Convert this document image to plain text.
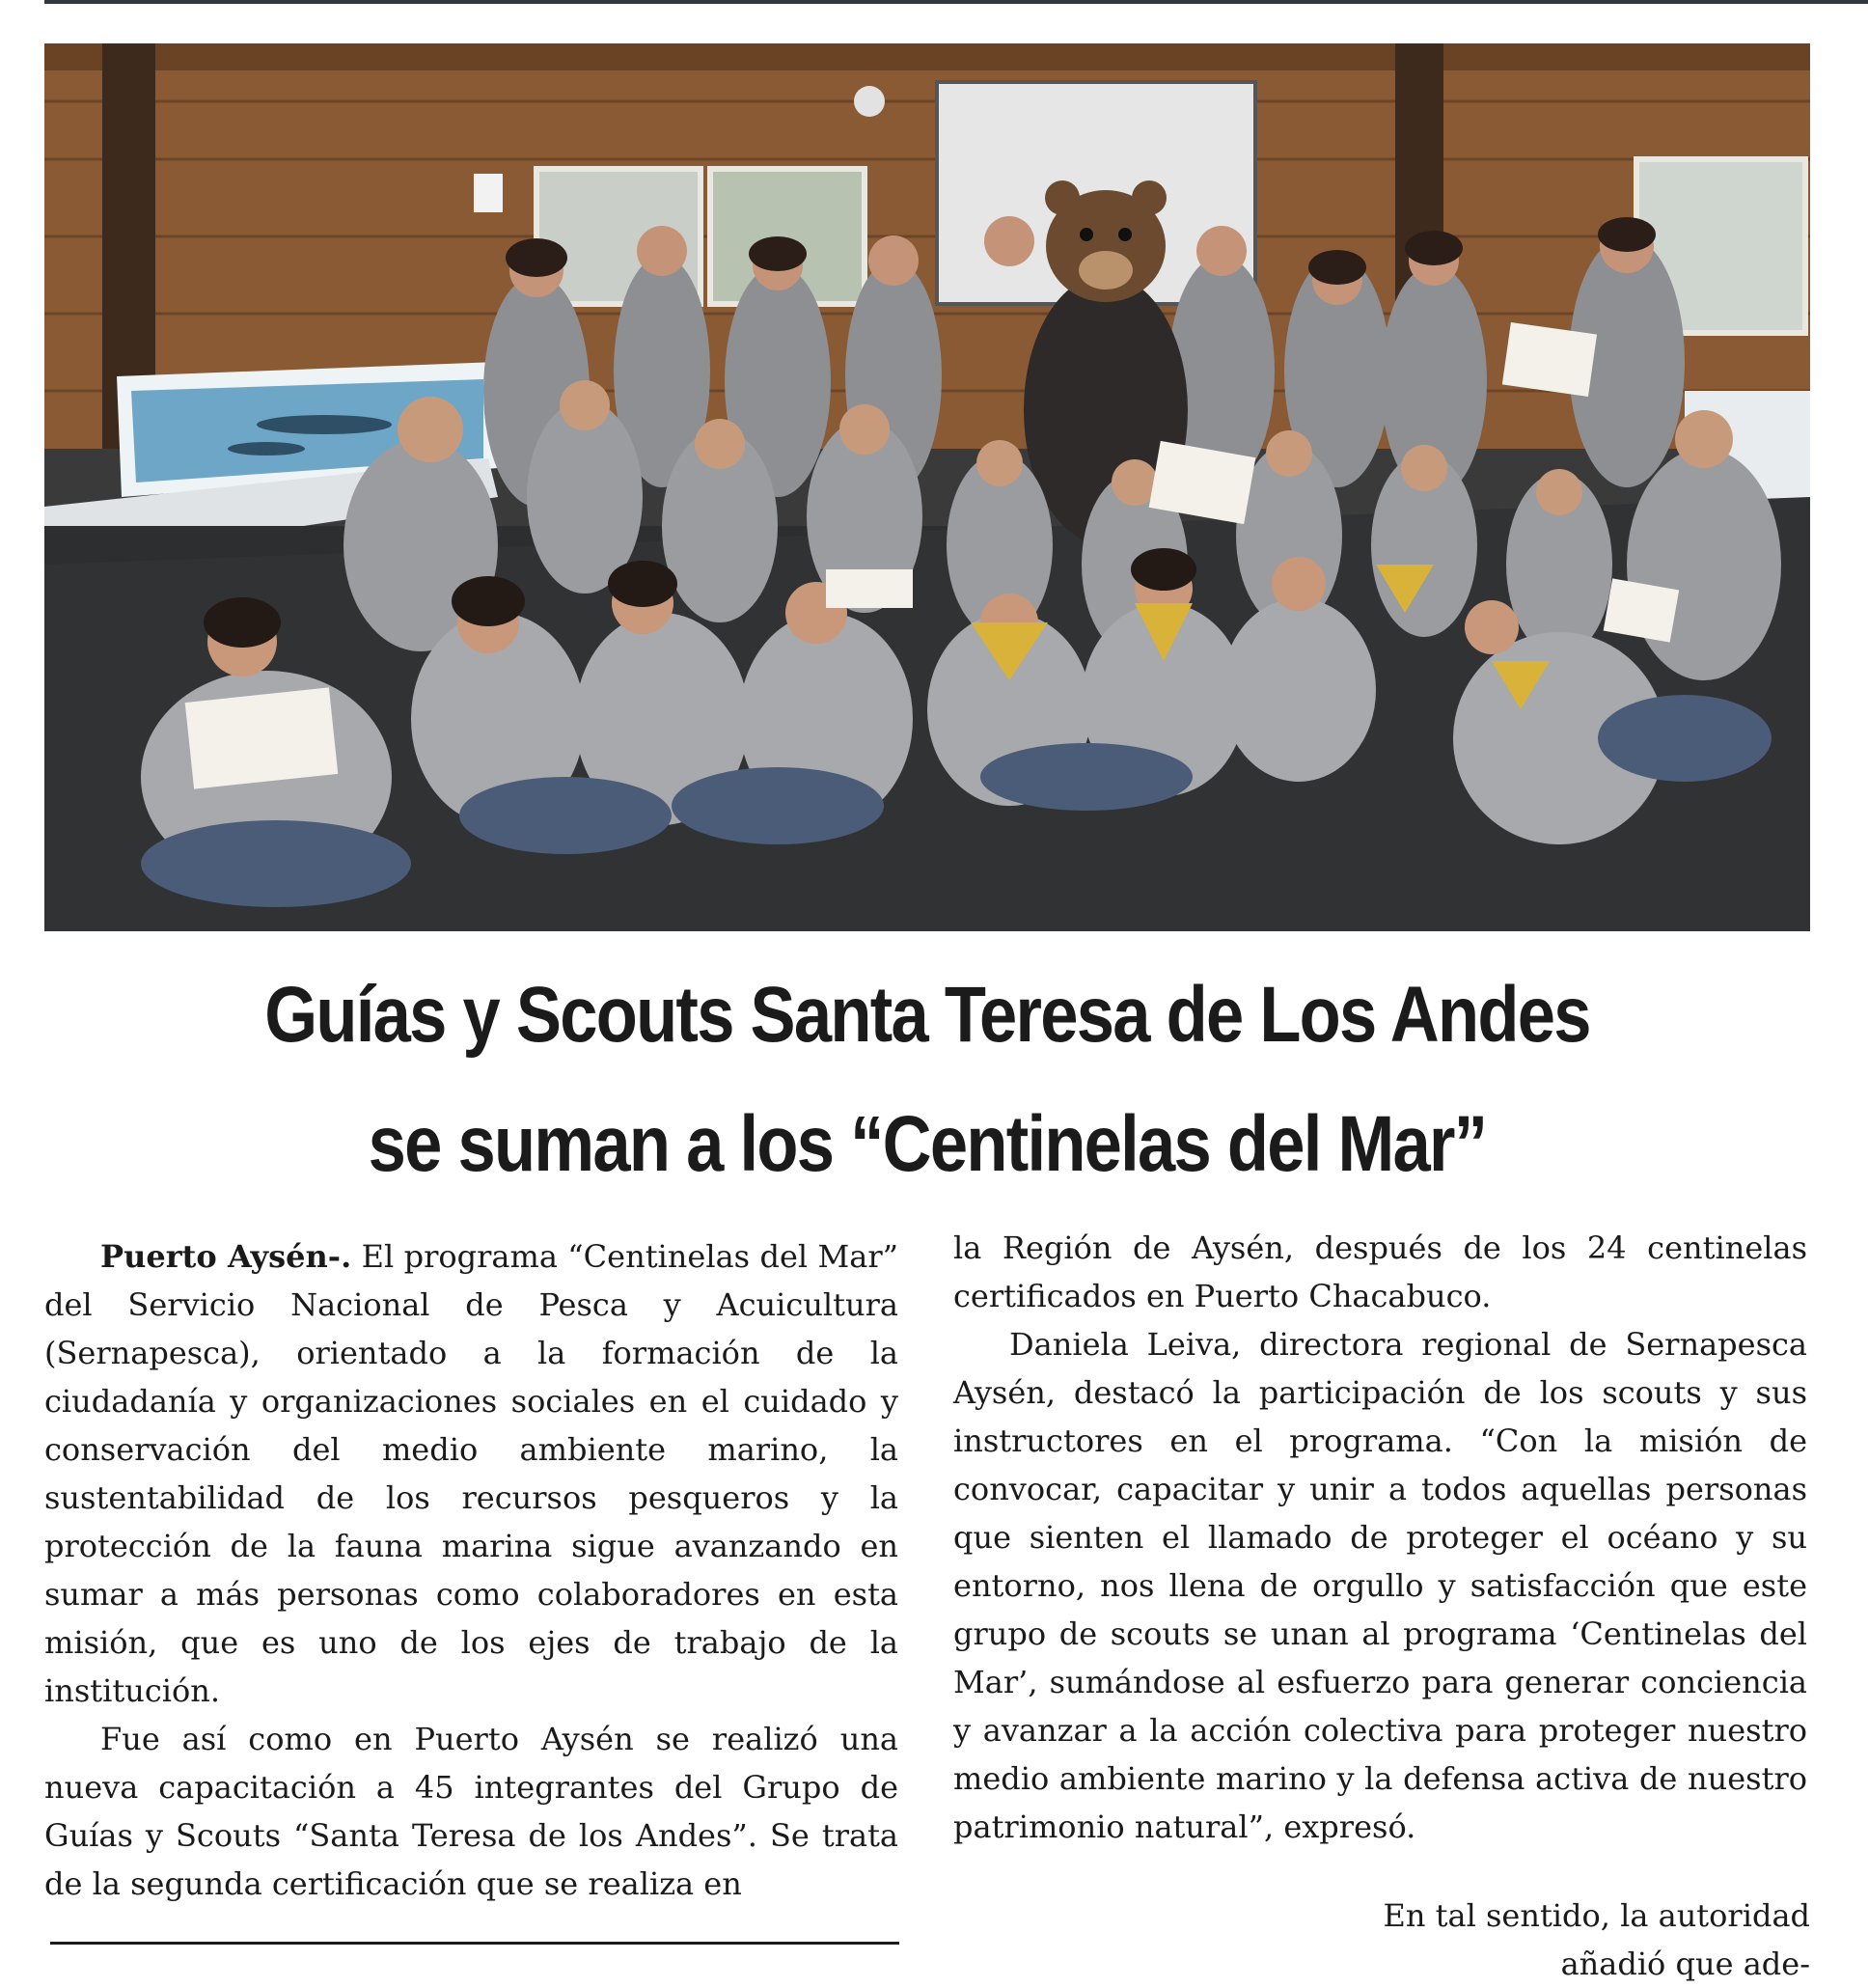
Guías y Scouts Santa Teresa de Los Andes
se suman a los “Centinelas del Mar”

Puerto Aysén-. El programa “Centinelas del Mar” del Servicio Nacional de Pesca y Acuicultura (Sernapesca), orientado a la formación de la ciudadanía y organizaciones sociales en el cuidado y conservación del medio ambiente marino, la sustentabilidad de los recursos pesqueros y la protección de la fauna marina sigue avanzando en sumar a más personas como colaboradores en esta misión, que es uno de los ejes de trabajo de la institución.

Fue así como en Puerto Aysén se realizó una nueva capacitación a 45 integrantes del Grupo de Guías y Scouts “Santa Teresa de los Andes”. Se trata de la segunda certificación que se realiza en

la Región de Aysén, después de los 24 centinelas certificados en Puerto Chacabuco.

Daniela Leiva, directora regional de Sernapesca Aysén, destacó la participación de los scouts y sus instructores en el programa. “Con la misión de convocar, capacitar y unir a todos aquellas personas que sienten el llamado de proteger el océano y su entorno, nos llena de orgullo y satisfacción que este grupo de scouts se unan al programa ‘Centinelas del Mar’, sumándose al esfuerzo para generar conciencia y avanzar a la acción colectiva para proteger nuestro medio ambiente marino y la defensa activa de nuestro patrimonio natural”, expresó.

En tal sentido, la autoridad añadió que ade-
